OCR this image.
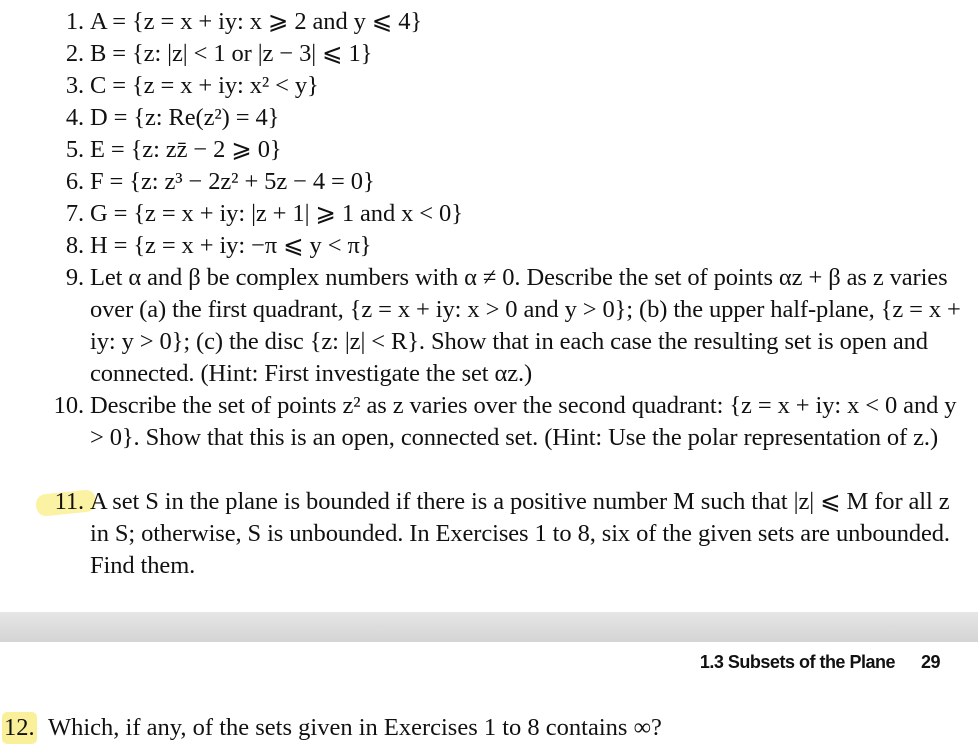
1. A = {z = x + iy: x ⩾ 2 and y ⩽ 4}
2. B = {z: |z| < 1 or |z − 3| ⩽ 1}
3. C = {z = x + iy: x² < y}
4. D = {z: Re(z²) = 4}
5. E = {z: zz̄ − 2 ⩾ 0}
6. F = {z: z³ − 2z² + 5z − 4 = 0}
7. G = {z = x + iy: |z + 1| ⩾ 1 and x < 0}
8. H = {z = x + iy: −π ⩽ y < π}
9. Let α and β be complex numbers with α ≠ 0. Describe the set of points αz + β as z varies over (a) the first quadrant, {z = x + iy: x > 0 and y > 0}; (b) the upper half-plane, {z = x + iy: y > 0}; (c) the disc {z: |z| < R}. Show that in each case the resulting set is open and connected. (Hint: First investigate the set αz.)
10. Describe the set of points z² as z varies over the second quadrant: {z = x + iy: x < 0 and y > 0}. Show that this is an open, connected set. (Hint: Use the polar representation of z.)
11. A set S in the plane is bounded if there is a positive number M such that |z| ⩽ M for all z in S; otherwise, S is unbounded. In Exercises 1 to 8, six of the given sets are unbounded. Find them.
1.3 Subsets of the Plane 29
12. Which, if any, of the sets given in Exercises 1 to 8 contains ∞?
